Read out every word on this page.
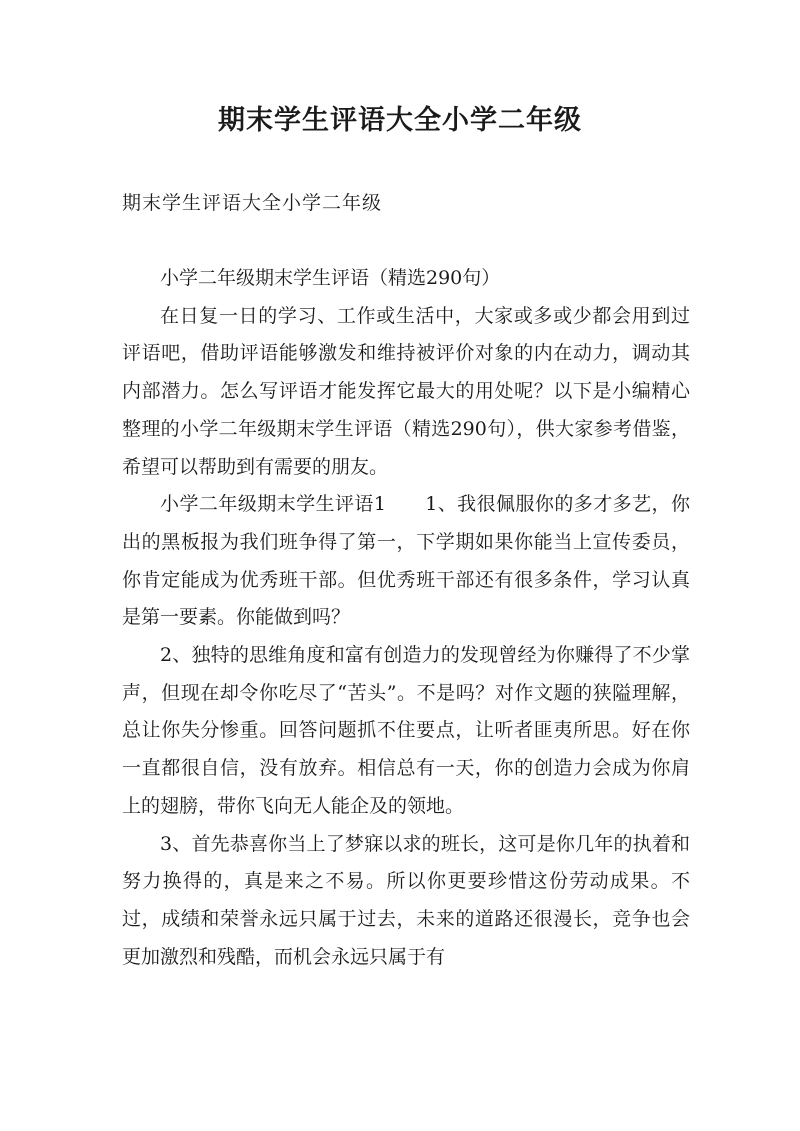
期末学生评语大全小学二年级
期末学生评语大全小学二年级

小学二年级期末学生评语（精选290句）

在日复一日的学习、工作或生活中，大家或多或少都会用到过评语吧，借助评语能够激发和维持被评价对象的内在动力，调动其内部潜力。怎么写评语才能发挥它最大的用处呢？以下是小编精心整理的小学二年级期末学生评语（精选290句），供大家参考借鉴，希望可以帮助到有需要的朋友。

小学二年级期末学生评语1　　1、我很佩服你的多才多艺，你出的黑板报为我们班争得了第一，下学期如果你能当上宣传委员，你肯定能成为优秀班干部。但优秀班干部还有很多条件，学习认真是第一要素。你能做到吗？

2、独特的思维角度和富有创造力的发现曾经为你赚得了不少掌声，但现在却令你吃尽了“苦头”。不是吗？对作文题的狭隘理解，总让你失分惨重。回答问题抓不住要点，让听者匪夷所思。好在你一直都很自信，没有放弃。相信总有一天，你的创造力会成为你肩上的翅膀，带你飞向无人能企及的领地。

3、首先恭喜你当上了梦寐以求的班长，这可是你几年的执着和努力换得的，真是来之不易。所以你更要珍惜这份劳动成果。不过，成绩和荣誉永远只属于过去，未来的道路还很漫长，竞争也会更加激烈和残酷，而机会永远只属于有
